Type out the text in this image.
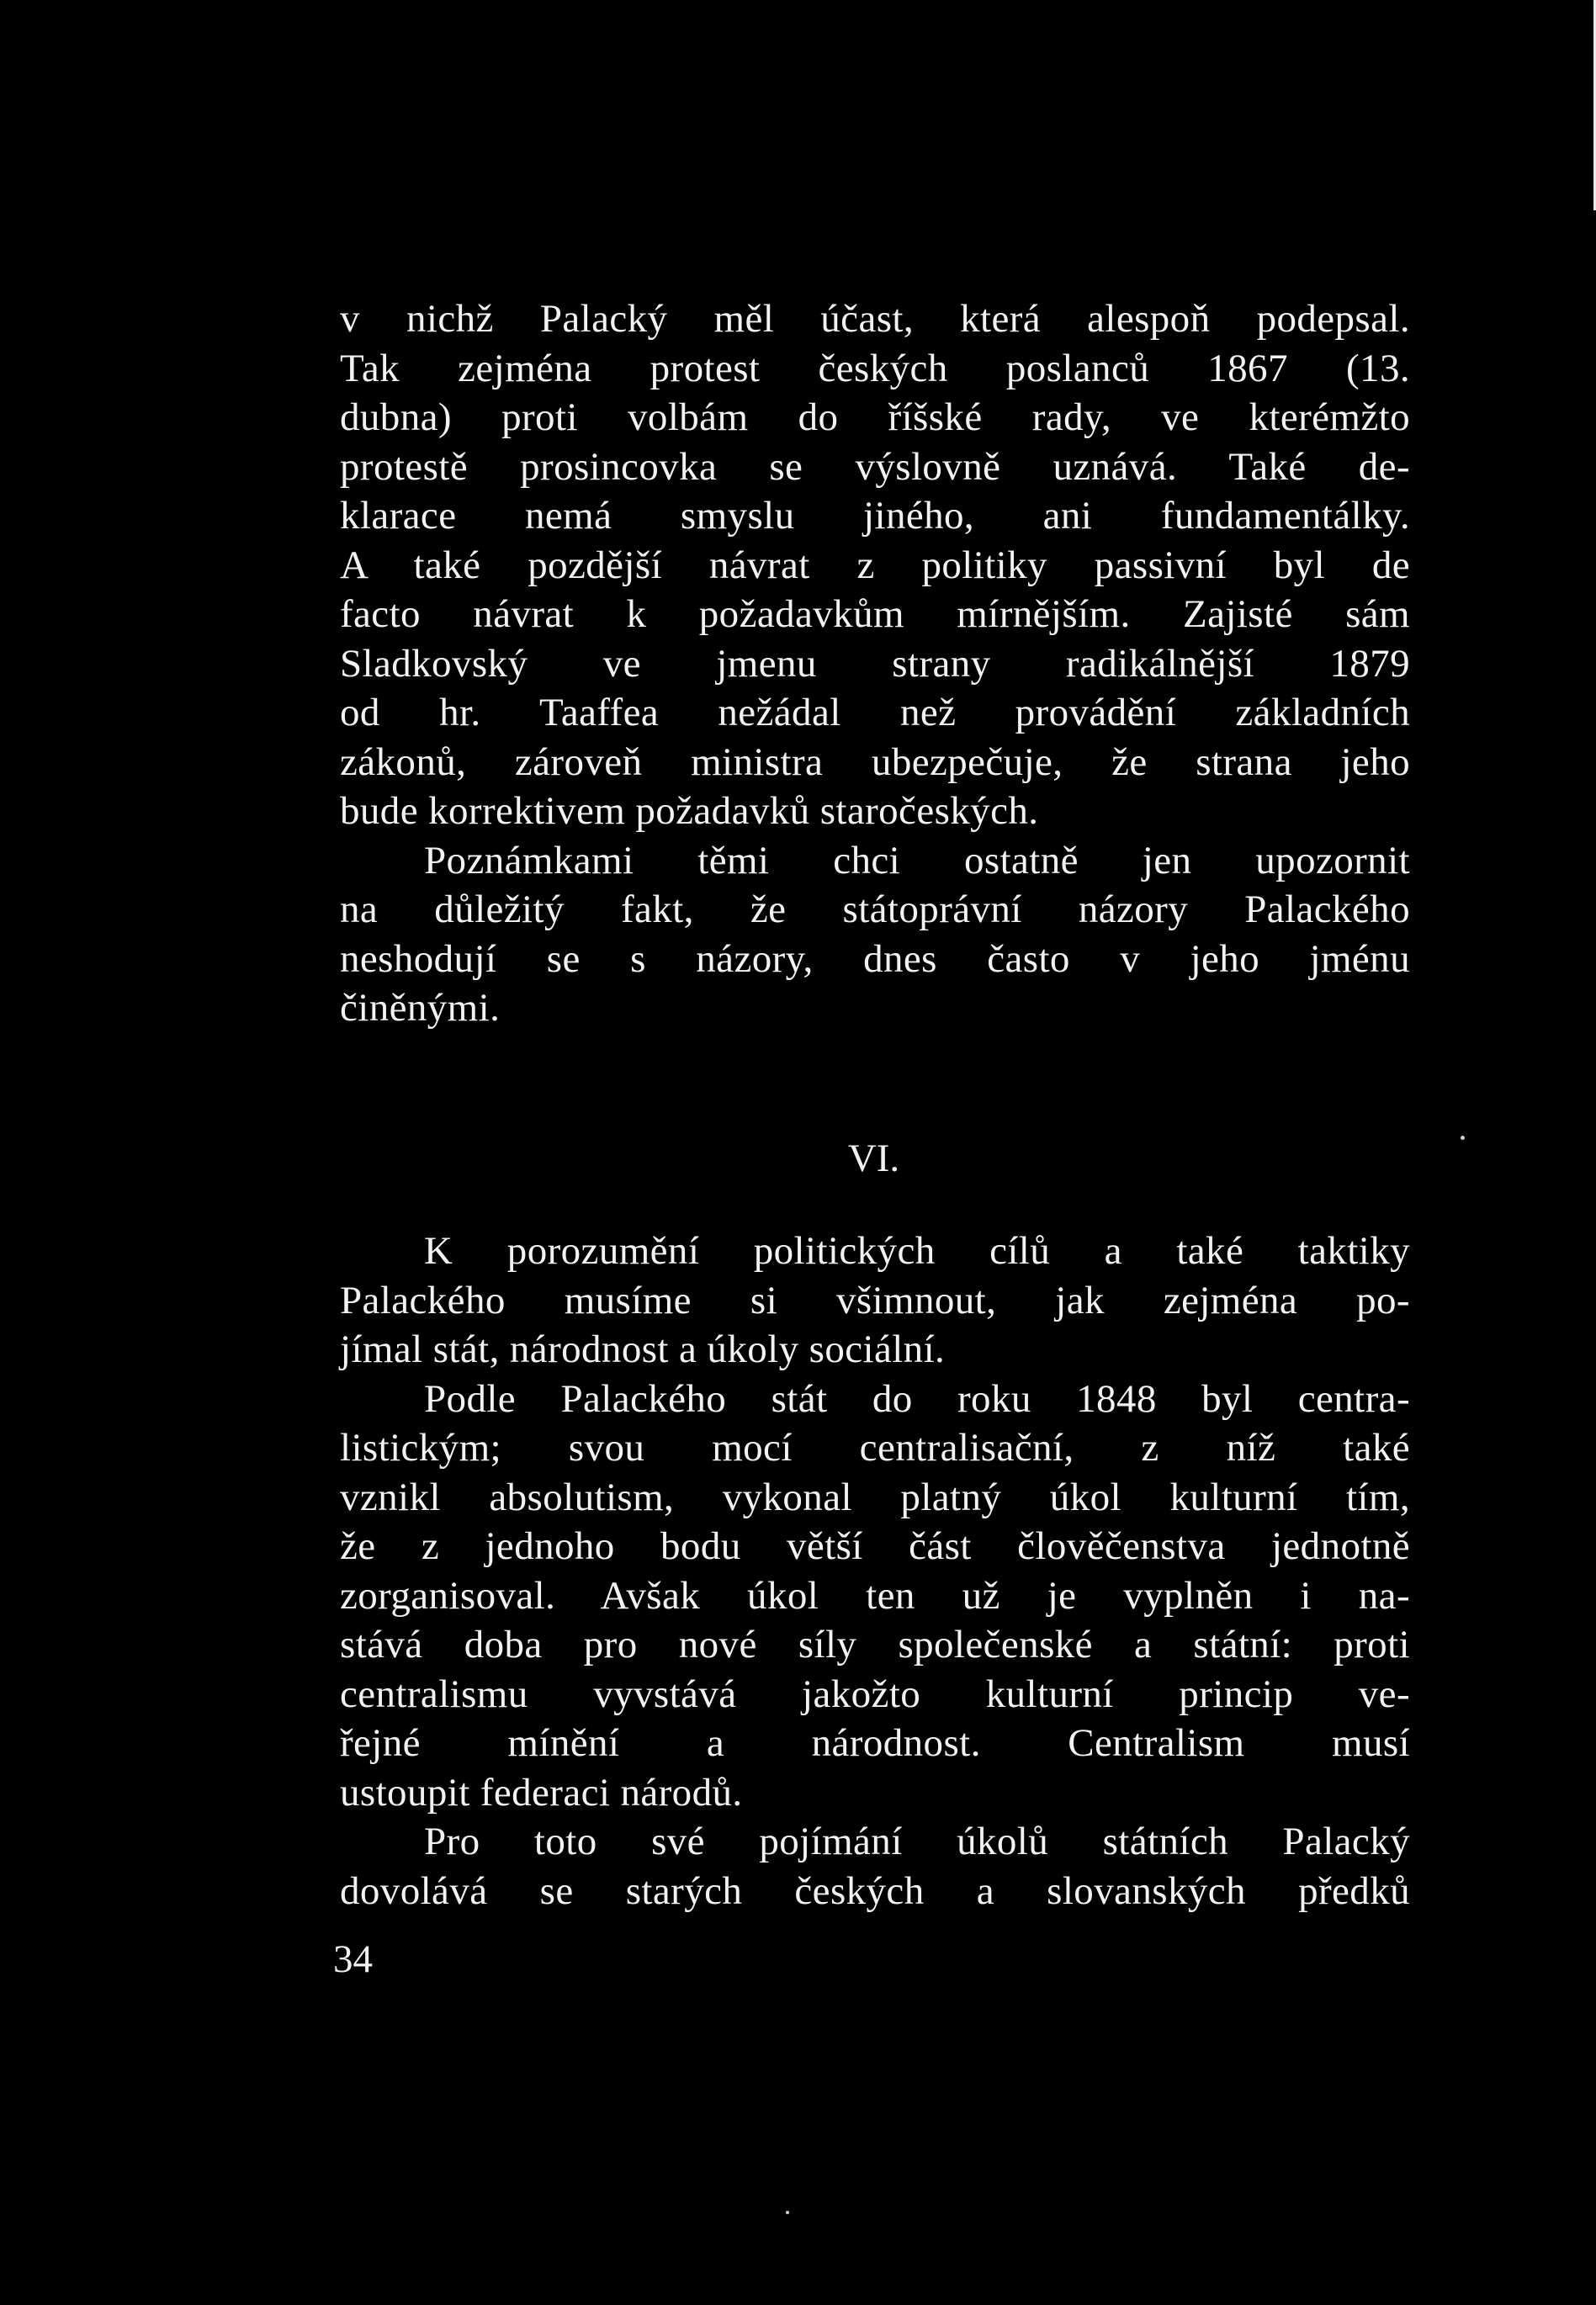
v nichž Palacký měl účast, která alespoň podepsal.
Tak zejména protest českých poslanců 1867 (13.
dubna) proti volbám do říšské rady, ve kterémžto
protestě prosincovka se výslovně uznává. Také de-
klarace nemá smyslu jiného, ani fundamentálky.
A také pozdější návrat z politiky passivní byl de
facto návrat k požadavkům mírnějším. Zajisté sám
Sladkovský ve jmenu strany radikálnější 1879
od hr. Taaffea nežádal než provádění základních
zákonů, zároveň ministra ubezpečuje, že strana jeho
bude korrektivem požadavků staročeských.
Poznámkami těmi chci ostatně jen upozornit
na důležitý fakt, že státoprávní názory Palackého
neshodují se s názory, dnes často v jeho jménu
činěnými.
VI.
K porozumění politických cílů a také taktiky
Palackého musíme si všimnout, jak zejména po-
jímal stát, národnost a úkoly sociální.
Podle Palackého stát do roku 1848 byl centra-
listickým; svou mocí centralisační, z níž také
vznikl absolutism, vykonal platný úkol kulturní tím,
že z jednoho bodu větší část člověčenstva jednotně
zorganisoval. Avšak úkol ten už je vyplněn i na-
stává doba pro nové síly společenské a státní: proti
centralismu vyvstává jakožto kulturní princip ve-
řejné mínění a národnost. Centralism musí
ustoupit federaci národů.
Pro toto své pojímání úkolů státních Palacký
dovolává se starých českých a slovanských předků
34
